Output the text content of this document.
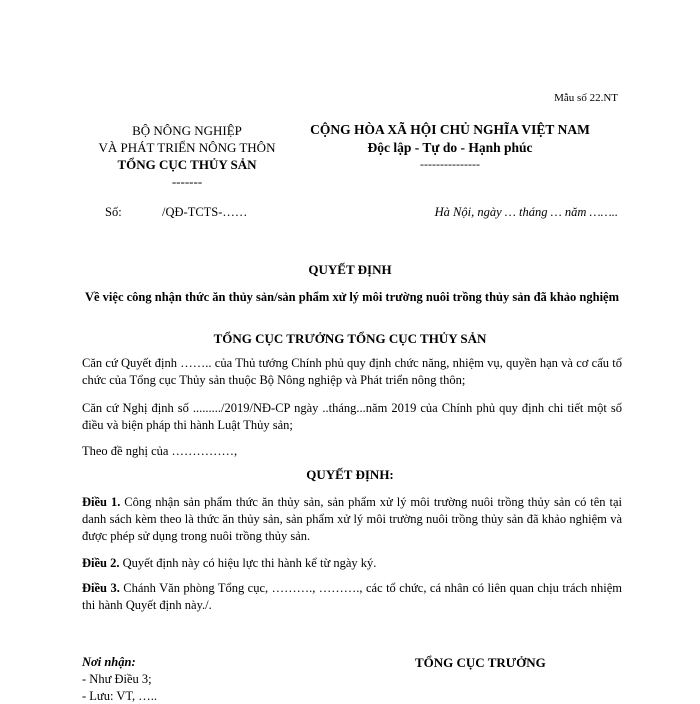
Mẫu số 22.NT
BỘ NÔNG NGHIỆP
VÀ PHÁT TRIỂN NÔNG THÔN
TỔNG CỤC THỦY SẢN
-------
CỘNG HÒA XÃ HỘI CHỦ NGHĨA VIỆT NAM
Độc lập - Tự do - Hạnh phúc
---------------
Số:	/QĐ-TCTS-……	Hà Nội, ngày … tháng … năm ……..
QUYẾT ĐỊNH
Về việc công nhận thức ăn thủy sản/sản phẩm xử lý môi trường nuôi trồng thủy sản đã khảo nghiệm
TỔNG CỤC TRƯỞNG TỔNG CỤC THỦY SẢN
Căn cứ Quyết định …….. của Thủ tướng Chính phủ quy định chức năng, nhiệm vụ, quyền hạn và cơ cấu tổ chức của Tổng cục Thủy sản thuộc Bộ Nông nghiệp và Phát triển nông thôn;
Căn cứ Nghị định số ........./2019/NĐ-CP ngày ..tháng...năm 2019 của Chính phủ quy định chi tiết một số điều và biện pháp thi hành Luật Thủy sản;
Theo đề nghị của ……………,
QUYẾT ĐỊNH:
Điều 1. Công nhận sản phẩm thức ăn thủy sản, sản phẩm xử lý môi trường nuôi trồng thủy sản có tên tại danh sách kèm theo là thức ăn thủy sản, sản phẩm xử lý môi trường nuôi trồng thủy sản đã khảo nghiệm và được phép sử dụng trong nuôi trồng thủy sản.
Điều 2. Quyết định này có hiệu lực thi hành kể từ ngày ký.
Điều 3. Chánh Văn phòng Tổng cục, ………., ………., các tổ chức, cá nhân có liên quan chịu trách nhiệm thi hành Quyết định này./.
Nơi nhận:
- Như Điều 3;
- Lưu: VT, …..
TỔNG CỤC TRƯỞNG
